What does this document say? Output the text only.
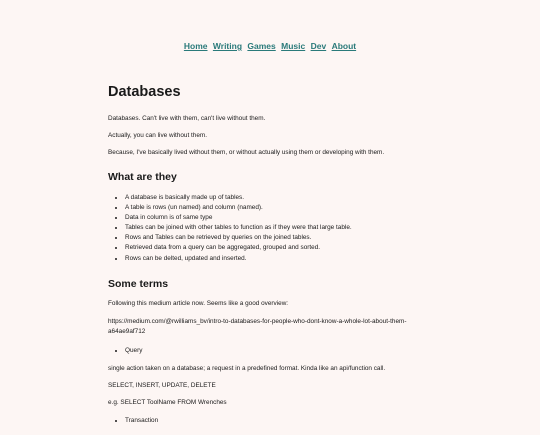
Home Writing Games Music Dev About
Databases

Databases. Can't live with them, can't live without them.

Actually, you can live without them.

Because, I've basically lived without them, or without actually using them or developing with them.

What are they
• A database is basically made up of tables.
• A table is rows (un named) and column (named).
• Data in column is of same type
• Tables can be joined with other tables to function as if they were that large table.
• Rows and Tables can be retrieved by queries on the joined tables.
• Retrieved data from a query can be aggregated, grouped and sorted.
• Rows can be delted, updated and inserted.
Some terms

Following this medium article now. Seems like a good overview:

https://medium.com/@rwilliams_bv/intro-to-databases-for-people-who-dont-know-a-whole-lot-about-them-a64ae9af712

• Query

single action taken on a database; a request in a predefined format. Kinda like an api/function call.

SELECT, INSERT, UPDATE, DELETE

e.g. SELECT ToolName FROM Wrenches

• Transaction
